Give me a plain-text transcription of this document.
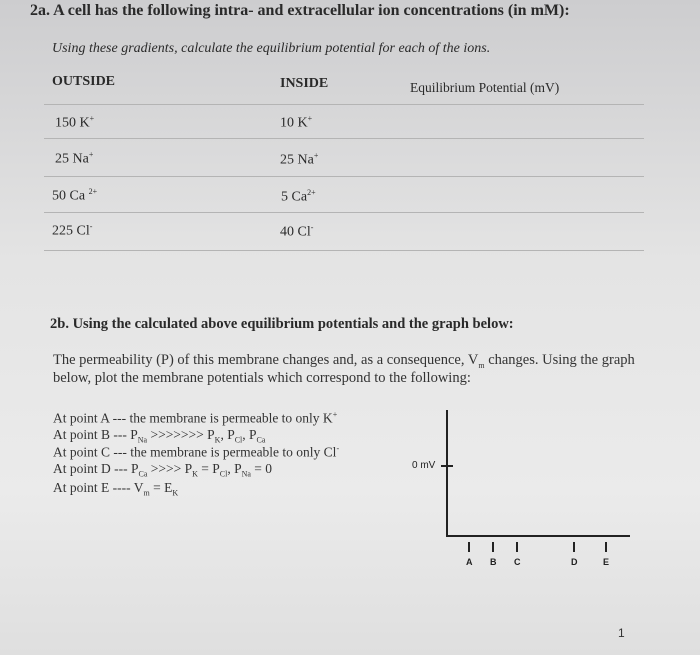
2a. A cell has the following intra- and extracellular ion concentrations (in mM):
Using these gradients, calculate the equilibrium potential for each of the ions.
OUTSIDE	INSIDE	Equilibrium Potential (mV)
150 K+	10 K+
25 Na+	25 Na+
50 Ca $^{2+}$	5 $Ca^{2+}$
225 Cl-	40 Cl-
2b. Using the calculated above equilibrium potentials and the graph below:
The permeability (P) of this membrane changes and, as a consequence, $V_m$ changes. Using the graph
below, plot the membrane potentials which correspond to the following:
At point A --- the membrane is permeable to only K+
At point B --- $P_{Na}$ >>>>>>> $P_K$, $P_{Cl}$, $P_{Ca}$
At point C --- the membrane is permeable to only Cl-
At point D --- $P_{Ca}$ >>>> $P_K = P_{Cl}$, $P_{Na} = 0$
At point E ---- $V_m = E_K$
0 mV
A B C	D	E
1
